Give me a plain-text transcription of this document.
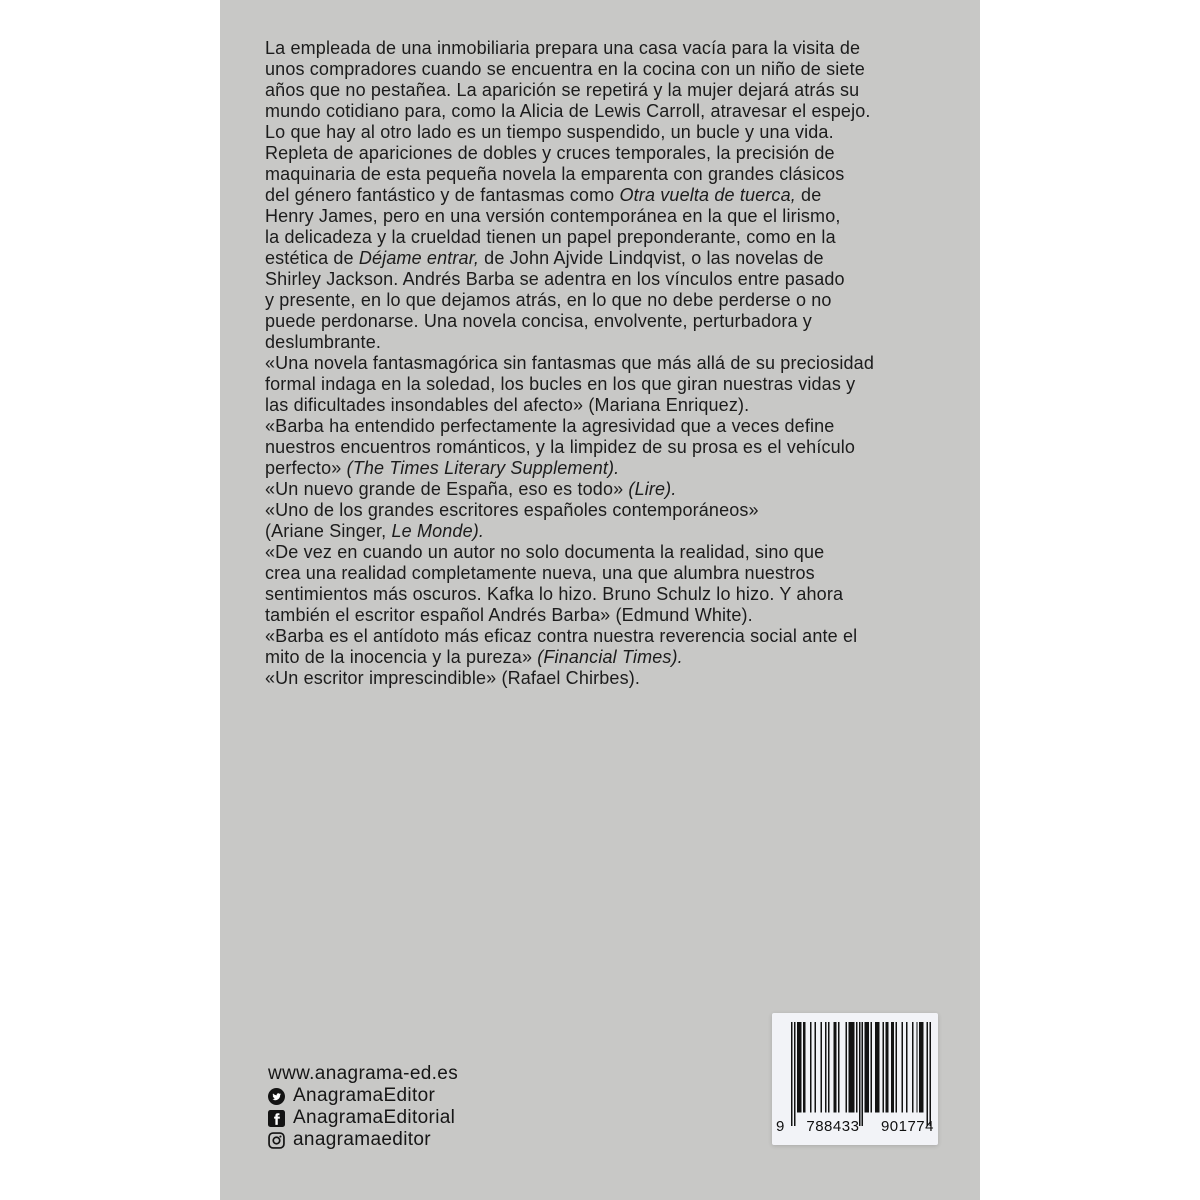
La empleada de una inmobiliaria prepara una casa vacía para la visita de
unos compradores cuando se encuentra en la cocina con un niño de siete
años que no pestañea. La aparición se repetirá y la mujer dejará atrás su
mundo cotidiano para, como la Alicia de Lewis Carroll, atravesar el espejo.
Lo que hay al otro lado es un tiempo suspendido, un bucle y una vida.
Repleta de apariciones de dobles y cruces temporales, la precisión de
maquinaria de esta pequeña novela la emparenta con grandes clásicos
del género fantástico y de fantasmas como Otra vuelta de tuerca, de
Henry James, pero en una versión contemporánea en la que el lirismo,
la delicadeza y la crueldad tienen un papel preponderante, como en la
estética de Déjame entrar, de John Ajvide Lindqvist, o las novelas de
Shirley Jackson. Andrés Barba se adentra en los vínculos entre pasado
y presente, en lo que dejamos atrás, en lo que no debe perderse o no
puede perdonarse. Una novela concisa, envolvente, perturbadora y
deslumbrante.
«Una novela fantasmagórica sin fantasmas que más allá de su preciosidad
formal indaga en la soledad, los bucles en los que giran nuestras vidas y
las dificultades insondables del afecto» (Mariana Enriquez).
«Barba ha entendido perfectamente la agresividad que a veces define
nuestros encuentros románticos, y la limpidez de su prosa es el vehículo
perfecto» (The Times Literary Supplement).
«Un nuevo grande de España, eso es todo» (Lire).
«Uno de los grandes escritores españoles contemporáneos»
(Ariane Singer, Le Monde).
«De vez en cuando un autor no solo documenta la realidad, sino que
crea una realidad completamente nueva, una que alumbra nuestros
sentimientos más oscuros. Kafka lo hizo. Bruno Schulz lo hizo. Y ahora
también el escritor español Andrés Barba» (Edmund White).
«Barba es el antídoto más eficaz contra nuestra reverencia social ante el
mito de la inocencia y la pureza» (Financial Times).
«Un escritor imprescindible» (Rafael Chirbes).
www.anagrama-ed.es
AnagramaEditor
AnagramaEditorial
anagramaeditor
9 788433 901774
